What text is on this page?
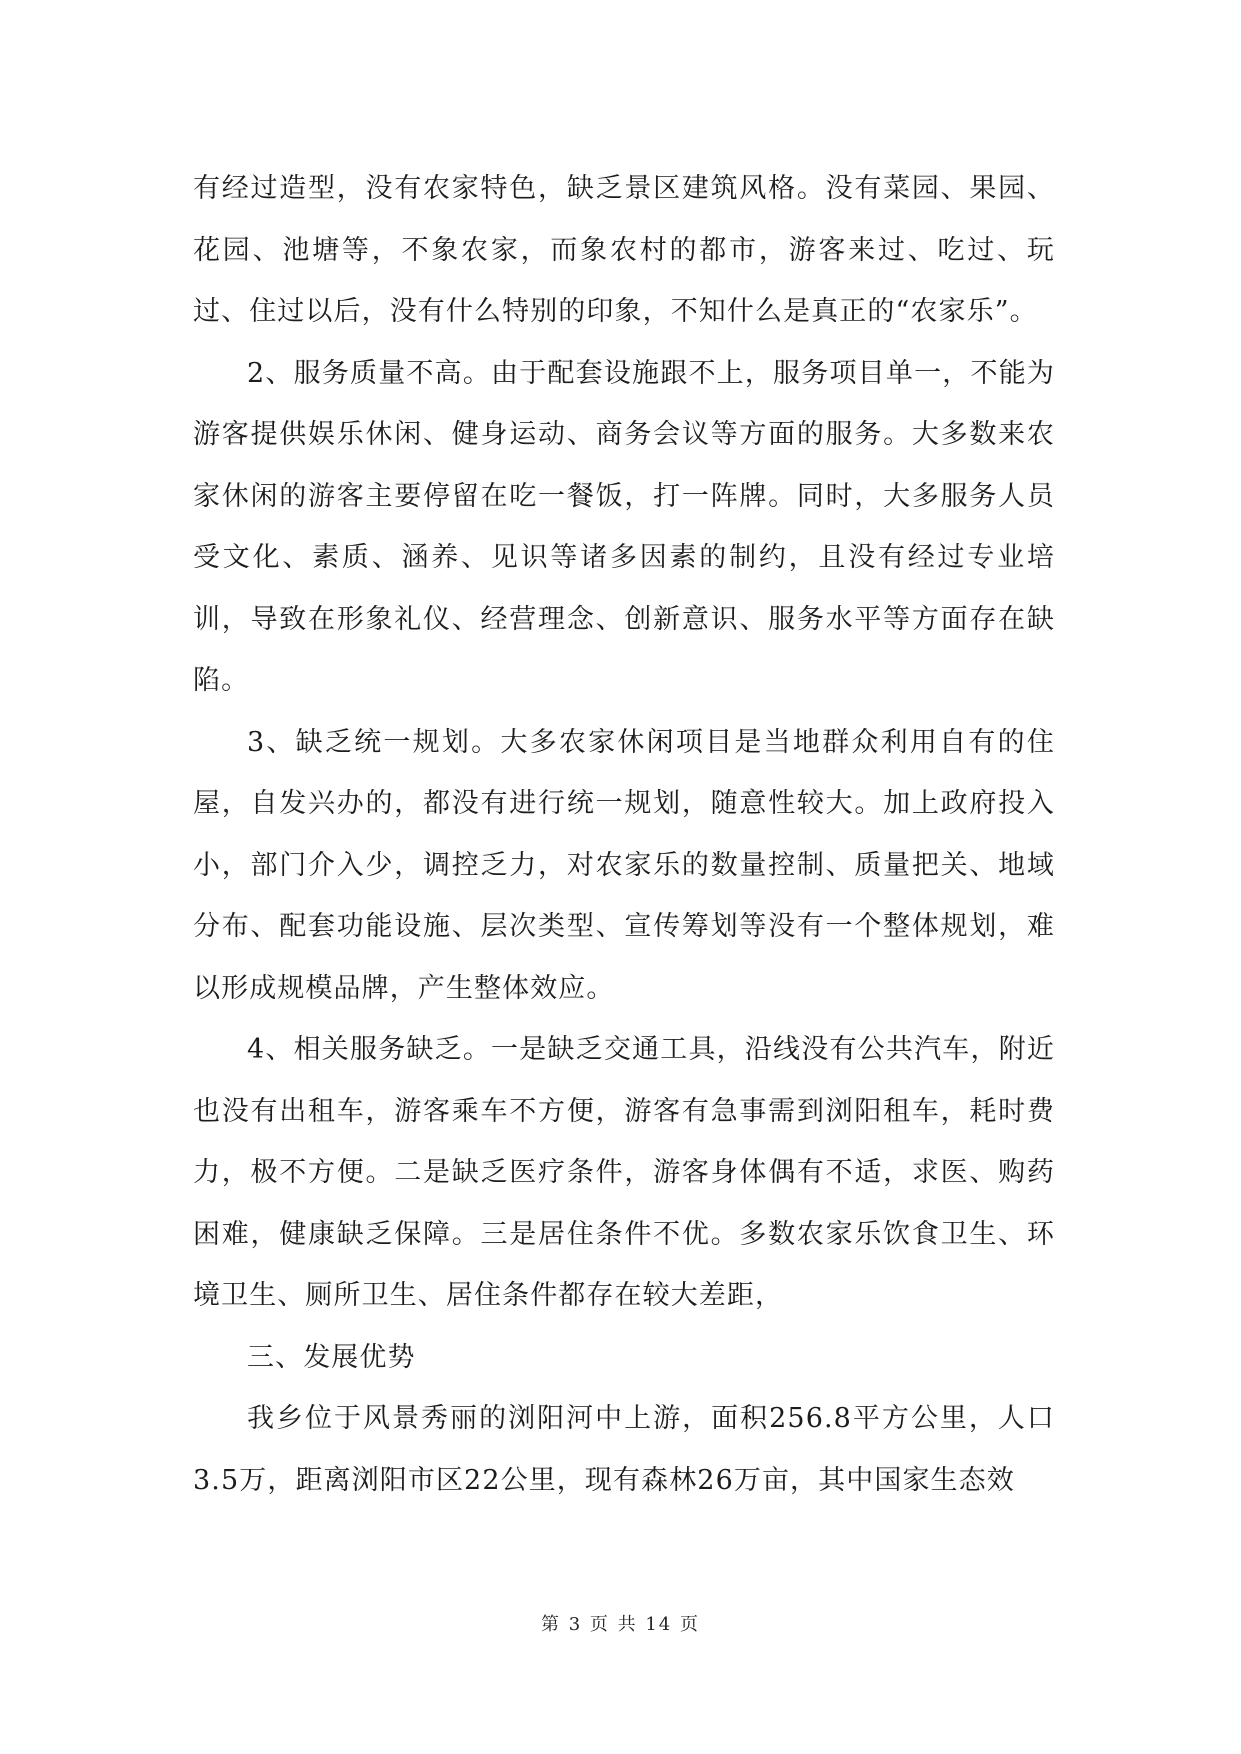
有经过造型，没有农家特色，缺乏景区建筑风格。没有菜园、果园、花园、池塘等，不象农家，而象农村的都市，游客来过、吃过、玩过、住过以后，没有什么特别的印象，不知什么是真正的“农家乐”。

2、服务质量不高。由于配套设施跟不上，服务项目单一，不能为游客提供娱乐休闲、健身运动、商务会议等方面的服务。大多数来农家休闲的游客主要停留在吃一餐饭，打一阵牌。同时，大多服务人员受文化、素质、涵养、见识等诸多因素的制约，且没有经过专业培训，导致在形象礼仪、经营理念、创新意识、服务水平等方面存在缺陷。

3、缺乏统一规划。大多农家休闲项目是当地群众利用自有的住屋，自发兴办的，都没有进行统一规划，随意性较大。加上政府投入小，部门介入少，调控乏力，对农家乐的数量控制、质量把关、地域分布、配套功能设施、层次类型、宣传筹划等没有一个整体规划，难以形成规模品牌，产生整体效应。

4、相关服务缺乏。一是缺乏交通工具，沿线没有公共汽车，附近也没有出租车，游客乘车不方便，游客有急事需到浏阳租车，耗时费力，极不方便。二是缺乏医疗条件，游客身体偶有不适，求医、购药困难，健康缺乏保障。三是居住条件不优。多数农家乐饮食卫生、环境卫生、厕所卫生、居住条件都存在较大差距，

三、发展优势

我乡位于风景秀丽的浏阳河中上游，面积256.8平方公里，人口3.5万，距离浏阳市区22公里，现有森林26万亩，其中国家生态效

第 3 页 共 14 页
